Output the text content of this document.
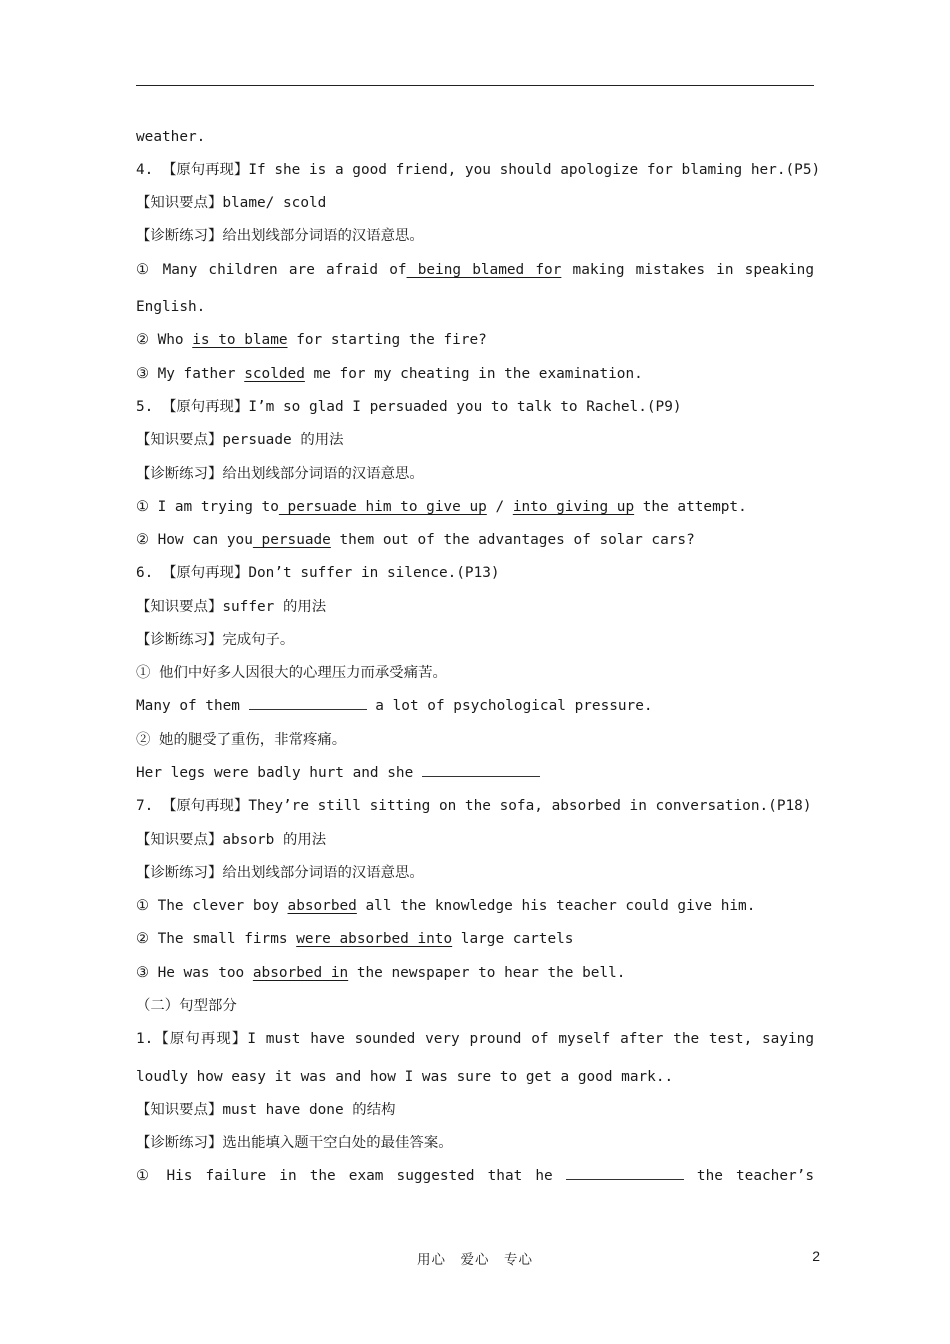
weather.
4. 【原句再现】If she is a good friend, you should apologize for blaming her.(P5)
【知识要点】blame/ scold
【诊断练习】给出划线部分词语的汉语意思。
① Many children are afraid of being blamed for making mistakes in speaking
English.
② Who is to blame for starting the fire?
③ My father scolded me for my cheating in the examination.
5. 【原句再现】I’m so glad I persuaded you to talk to Rachel.(P9)
【知识要点】persuade 的用法
【诊断练习】给出划线部分词语的汉语意思。
① I am trying to persuade him to give up / into giving up the attempt.
② How can you persuade them out of the advantages of solar cars?
6. 【原句再现】Don’t suffer in silence.(P13)
【知识要点】suffer 的用法
【诊断练习】完成句子。
① 他们中好多人因很大的心理压力而承受痛苦。
Many of them	a lot of psychological pressure.
② 她的腿受了重伤，非常疼痛。
Her legs were badly hurt and she
7. 【原句再现】They’re still sitting on the sofa, absorbed in conversation.(P18)
【知识要点】absorb 的用法
【诊断练习】给出划线部分词语的汉语意思。
① The clever boy absorbed all the knowledge his teacher could give him.
② The small firms were absorbed into large cartels
③ He was too absorbed in the newspaper to hear the bell.
（二）句型部分
1.【原句再现】I must have sounded very pround of myself after the test, saying
loudly how easy it was and how I was sure to get a good mark..
【知识要点】must have done 的结构
【诊断练习】选出能填入题干空白处的最佳答案。
① His failure in the exam suggested that he	the teacher’s
用心　爱心　专心	2
